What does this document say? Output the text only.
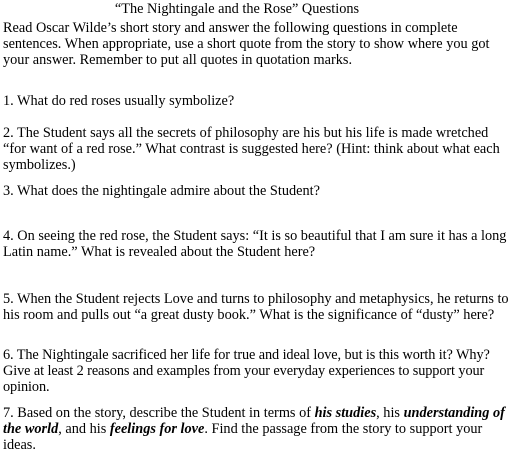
“The Nightingale and the Rose” Questions
Read Oscar Wilde’s short story and answer the following questions in complete
sentences. When appropriate, use a short quote from the story to show where you got
your answer. Remember to put all quotes in quotation marks.
1. What do red roses usually symbolize?
2. The Student says all the secrets of philosophy are his but his life is made wretched
“for want of a red rose.” What contrast is suggested here? (Hint: think about what each
symbolizes.)
3. What does the nightingale admire about the Student?
4. On seeing the red rose, the Student says: “It is so beautiful that I am sure it has a long
Latin name.” What is revealed about the Student here?
5. When the Student rejects Love and turns to philosophy and metaphysics, he returns to
his room and pulls out “a great dusty book.” What is the significance of “dusty” here?
6. The Nightingale sacrificed her life for true and ideal love, but is this worth it? Why?
Give at least 2 reasons and examples from your everyday experiences to support your
opinion.
7. Based on the story, describe the Student in terms of his studies, his understanding of
the world, and his feelings for love. Find the passage from the story to support your
ideas.
